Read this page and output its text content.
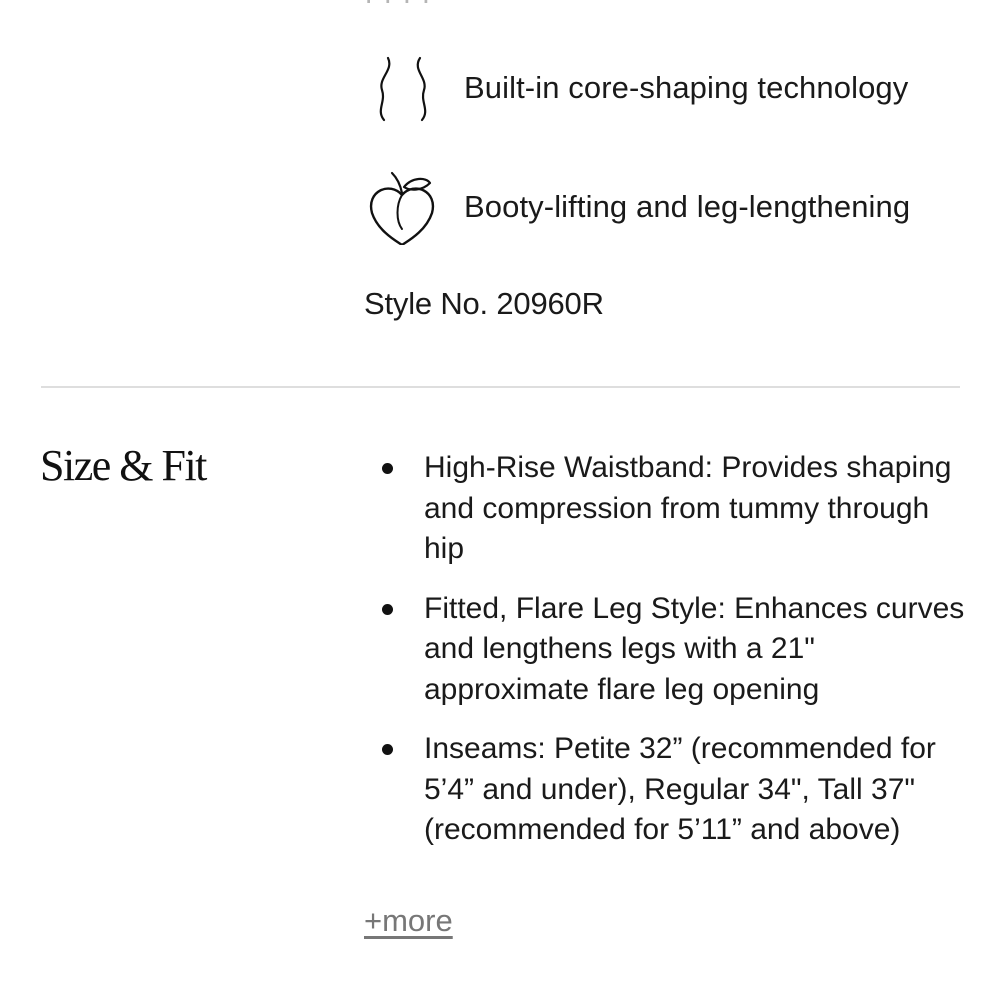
Built-in core-shaping technology
Booty-lifting and leg-lengthening
Style No. 20960R
Size & Fit	High-Rise Waistband: Provides shaping and compression from tummy through hip
Fitted, Flare Leg Style: Enhances curves and lengthens legs with a 21" approximate flare leg opening
Inseams: Petite 32” (recommended for 5’4” and under), Regular 34", Tall 37" (recommended for 5’11” and above)
+more
